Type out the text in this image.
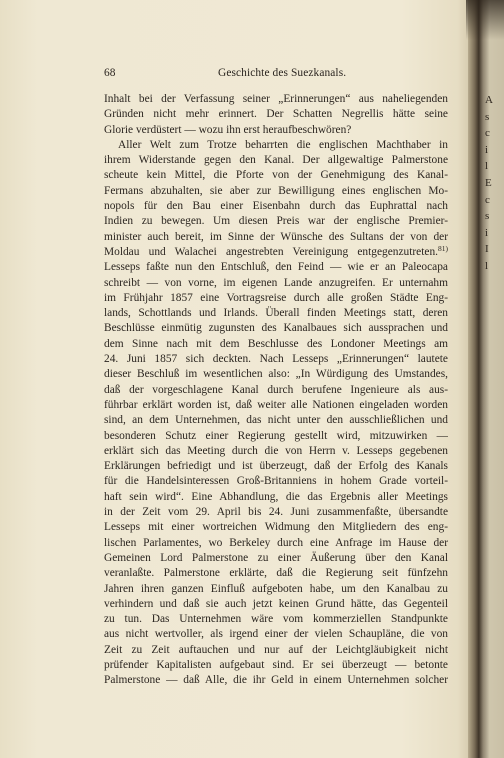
A
s
c
i
l
E
c
s
i
I
l
68	Geschichte des Suezkanals.
Inhalt bei der Verfassung seiner „Erinnerungen“ aus naheliegenden
Gründen nicht mehr erinnert. Der Schatten Negrellis hätte seine
Glorie verdüstert — wozu ihn erst heraufbeschwören?
Aller Welt zum Trotze beharrten die englischen Machthaber in
ihrem Widerstande gegen den Kanal. Der allgewaltige Palmerstone
scheute kein Mittel, die Pforte von der Genehmigung des Kanal-
Fermans abzuhalten, sie aber zur Bewilligung eines englischen Mo-
nopols für den Bau einer Eisenbahn durch das Euphrattal nach
Indien zu bewegen. Um diesen Preis war der englische Premier-
minister auch bereit, im Sinne der Wünsche des Sultans der von der
Moldau und Walachei angestrebten Vereinigung entgegenzutreten.$^{81)}$
Lesseps faßte nun den Entschluß, den Feind — wie er an Paleocapa
schreibt — von vorne, im eigenen Lande anzugreifen. Er unternahm
im Frühjahr 1857 eine Vortragsreise durch alle großen Städte Eng-
lands, Schottlands und Irlands. Überall finden Meetings statt, deren
Beschlüsse einmütig zugunsten des Kanalbaues sich aussprachen und
dem Sinne nach mit dem Beschlusse des Londoner Meetings am
24. Juni 1857 sich deckten. Nach Lesseps „Erinnerungen“ lautete
dieser Beschluß im wesentlichen also: „In Würdigung des Umstandes,
daß der vorgeschlagene Kanal durch berufene Ingenieure als aus-
führbar erklärt worden ist, daß weiter alle Nationen eingeladen worden
sind, an dem Unternehmen, das nicht unter den ausschließlichen und
besonderen Schutz einer Regierung gestellt wird, mitzuwirken —
erklärt sich das Meeting durch die von Herrn v. Lesseps gegebenen
Erklärungen befriedigt und ist überzeugt, daß der Erfolg des Kanals
für die Handelsinteressen Groß-Britanniens in hohem Grade vorteil-
haft sein wird“. Eine Abhandlung, die das Ergebnis aller Meetings
in der Zeit vom 29. April bis 24. Juni zusammenfaßte, übersandte
Lesseps mit einer wortreichen Widmung den Mitgliedern des eng-
lischen Parlamentes, wo Berkeley durch eine Anfrage im Hause der
Gemeinen Lord Palmerstone zu einer Äußerung über den Kanal
veranlaßte. Palmerstone erklärte, daß die Regierung seit fünfzehn
Jahren ihren ganzen Einfluß aufgeboten habe, um den Kanalbau zu
verhindern und daß sie auch jetzt keinen Grund hätte, das Gegenteil
zu tun. Das Unternehmen wäre vom kommerziellen Standpunkte
aus nicht wertvoller, als irgend einer der vielen Schaupläne, die von
Zeit zu Zeit auftauchen und nur auf der Leichtgläubigkeit nicht
prüfender Kapitalisten aufgebaut sind. Er sei überzeugt — betonte
Palmerstone — daß Alle, die ihr Geld in einem Unternehmen solcher
